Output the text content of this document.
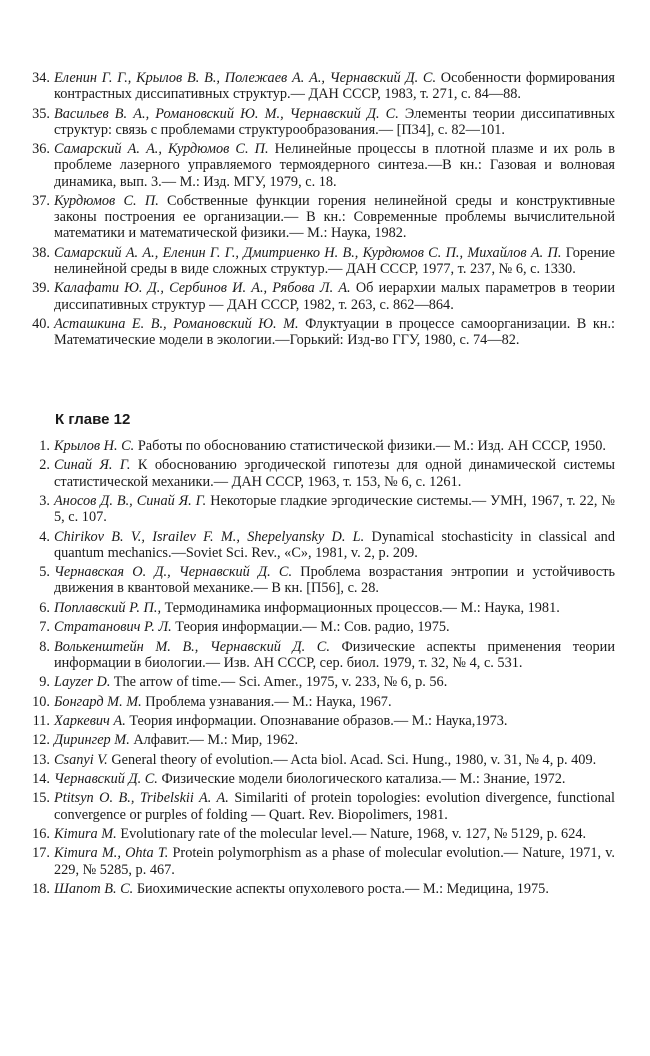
34. Еленин Г. Г., Крылов В. В., Полежаев А. А., Чернавский Д. С. Особенности формирования контрастных диссипативных структур.— ДАН СССР, 1983, т. 271, с. 84—88.
35. Васильев В. А., Романовский Ю. М., Чернавский Д. С. Элементы теории диссипативных структур: связь с проблемами структурообразования.— [П34], с. 82—101.
36. Самарский А. А., Курдюмов С. П. Нелинейные процессы в плотной плазме и их роль в проблеме лазерного управляемого термоядерного синтеза.—В кн.: Газовая и волновая динамика, вып. 3.— М.: Изд. МГУ, 1979, с. 18.
37. Курдюмов С. П. Собственные функции горения нелинейной среды и конструктивные законы построения ее организации.— В кн.: Современные проблемы вычислительной математики и математической физики.— М.: Наука, 1982.
38. Самарский А. А., Еленин Г. Г., Дмитриенко Н. В., Курдюмов С. П., Михайлов А. П. Горение нелинейной среды в виде сложных структур.— ДАН СССР, 1977, т. 237, № 6, с. 1330.
39. Калафати Ю. Д., Сербинов И. А., Рябова Л. А. Об иерархии малых параметров в теории диссипативных структур — ДАН СССР, 1982, т. 263, с. 862—864.
40. Асташкина Е. В., Романовский Ю. М. Флуктуации в процессе самоорганизации. В кн.: Математические модели в экологии.—Горький: Изд-во ГГУ, 1980, с. 74—82.
К главе 12
1. Крылов Н. С. Работы по обоснованию статистической физики.— М.: Изд. АН СССР, 1950.
2. Синай Я. Г. К обоснованию эргодической гипотезы для одной динамической системы статистической механики.— ДАН СССР, 1963, т. 153, № 6, с. 1261.
3. Аносов Д. В., Синай Я. Г. Некоторые гладкие эргодические системы.— УМН, 1967, т. 22, № 5, с. 107.
4. Chirikov B. V., Israilev F. M., Shepelyansky D. L. Dynamical stochasticity in classical and quantum mechanics.—Soviet Sci. Rev., «C», 1981, v. 2, p. 209.
5. Чернавская О. Д., Чернавский Д. С. Проблема возрастания энтропии и устойчивость движения в квантовой механике.— В кн. [П56], с. 28.
6. Поплавский Р. П., Термодинамика информационных процессов.— М.: Наука, 1981.
7. Стратанович Р. Л. Теория информации.— М.: Сов. радио, 1975.
8. Волькенштейн М. В., Чернавский Д. С. Физические аспекты применения теории информации в биологии.— Изв. АН СССР, сер. биол. 1979, т. 32, № 4, с. 531.
9. Layzer D. The arrow of time.— Sci. Amer., 1975, v. 233, № 6, p. 56.
10. Бонгард М. М. Проблема узнавания.— М.: Наука, 1967.
11. Харкевич А. Теория информации. Опознавание образов.— М.: Наука,1973.
12. Дирингер М. Алфавит.— М.: Мир, 1962.
13. Csanyi V. General theory of evolution.— Acta biol. Acad. Sci. Hung., 1980, v. 31, № 4, p. 409.
14. Чернавский Д. С. Физические модели биологического катализа.— М.: Знание, 1972.
15. Ptitsyn O. B., Tribelskii A. A. Similariti of protein topologies: evolution divergence, functional convergence or purples of folding — Quart. Rev. Biopolimers, 1981.
16. Kimura M. Evolutionary rate of the molecular level.— Nature, 1968, v. 127, № 5129, p. 624.
17. Kimura M., Ohta T. Protein polymorphism as a phase of molecular evolution.— Nature, 1971, v. 229, № 5285, p. 467.
18. Шапот В. С. Биохимические аспекты опухолевого роста.— М.: Медицина, 1975.
